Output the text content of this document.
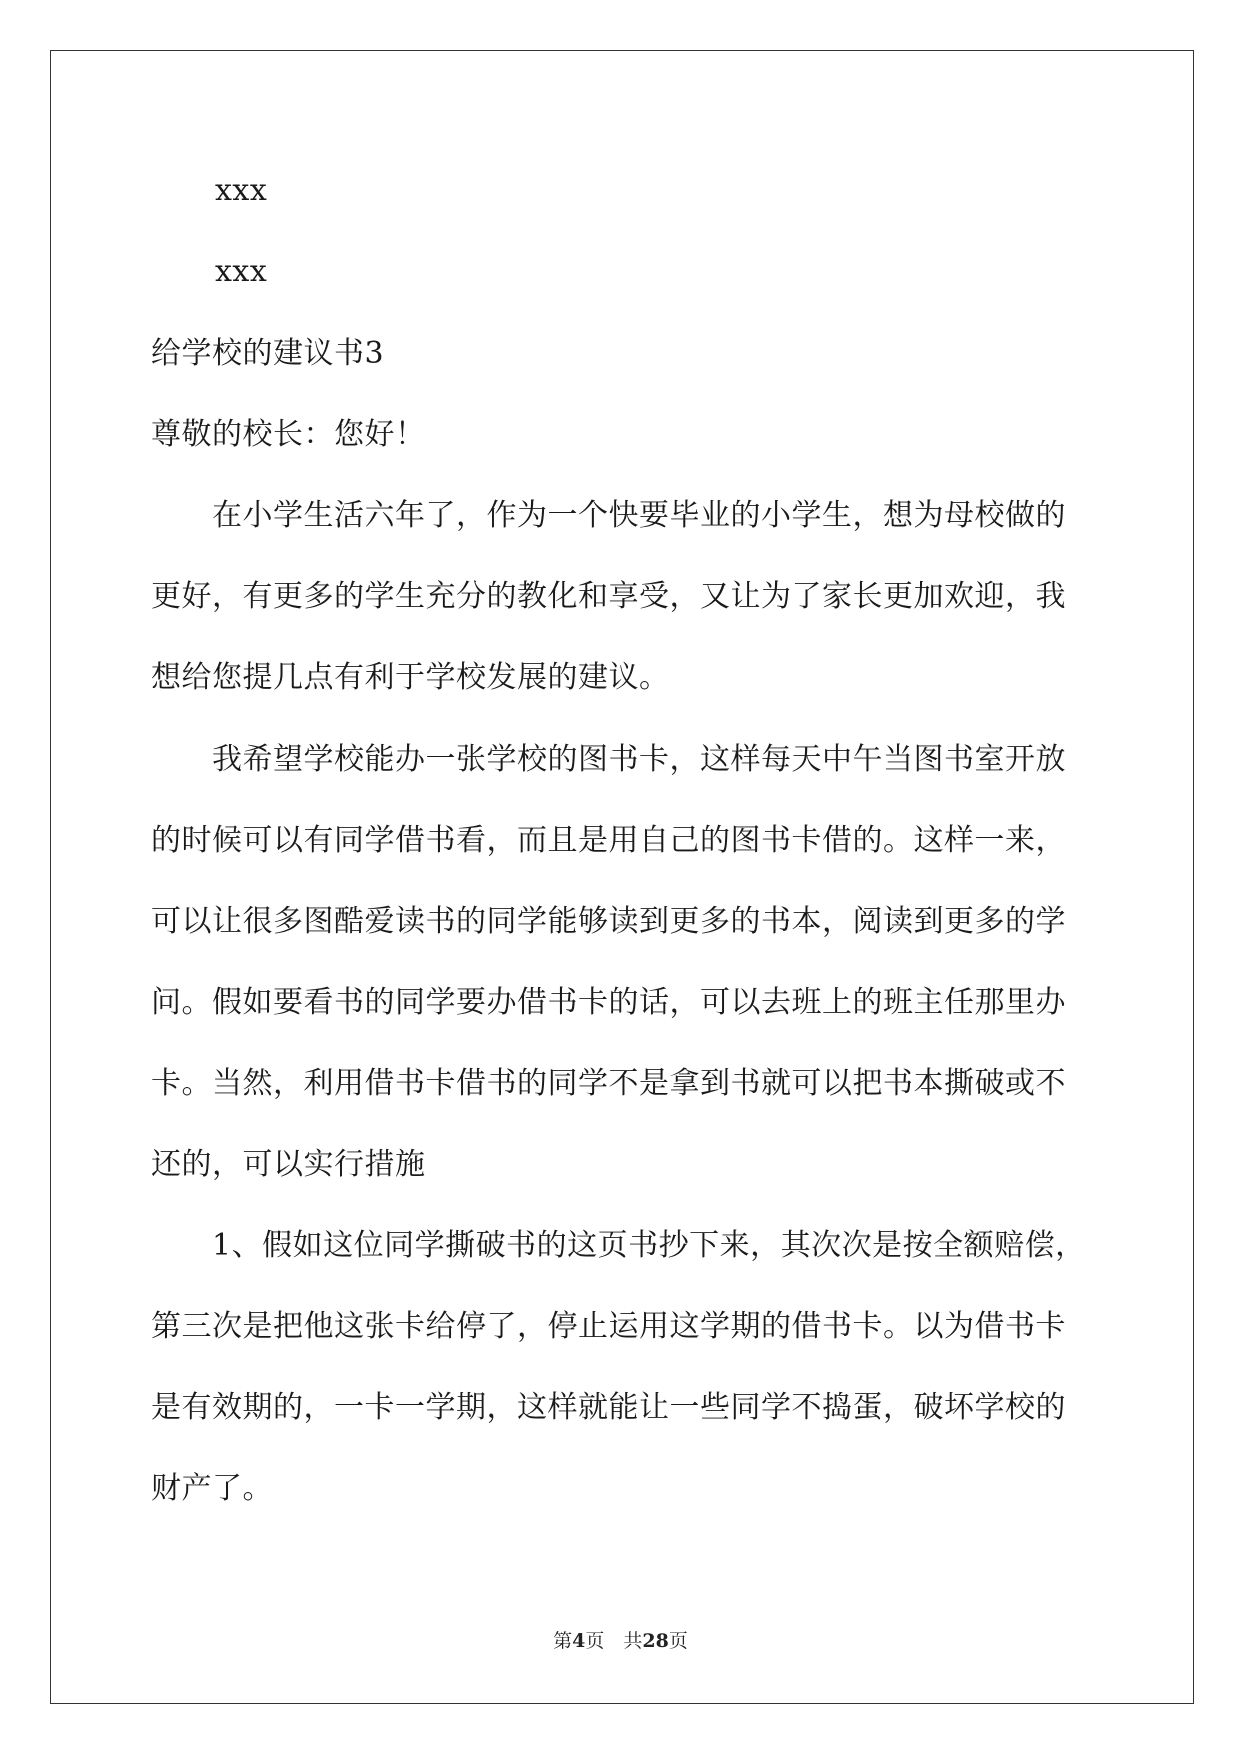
xxx

xxx

给学校的建议书3

尊敬的校长：您好！

　　在小学生活六年了，作为一个快要毕业的小学生，想为母校做的

更好，有更多的学生充分的教化和享受，又让为了家长更加欢迎，我

想给您提几点有利于学校发展的建议。

　　我希望学校能办一张学校的图书卡，这样每天中午当图书室开放

的时候可以有同学借书看，而且是用自己的图书卡借的。这样一来，

可以让很多图酷爱读书的同学能够读到更多的书本，阅读到更多的学

问。假如要看书的同学要办借书卡的话，可以去班上的班主任那里办

卡。当然，利用借书卡借书的同学不是拿到书就可以把书本撕破或不

还的，可以实行措施

　　1、假如这位同学撕破书的这页书抄下来，其次次是按全额赔偿，

第三次是把他这张卡给停了，停止运用这学期的借书卡。以为借书卡

是有效期的，一卡一学期，这样就能让一些同学不捣蛋，破坏学校的

财产了。

第4页　共28页
